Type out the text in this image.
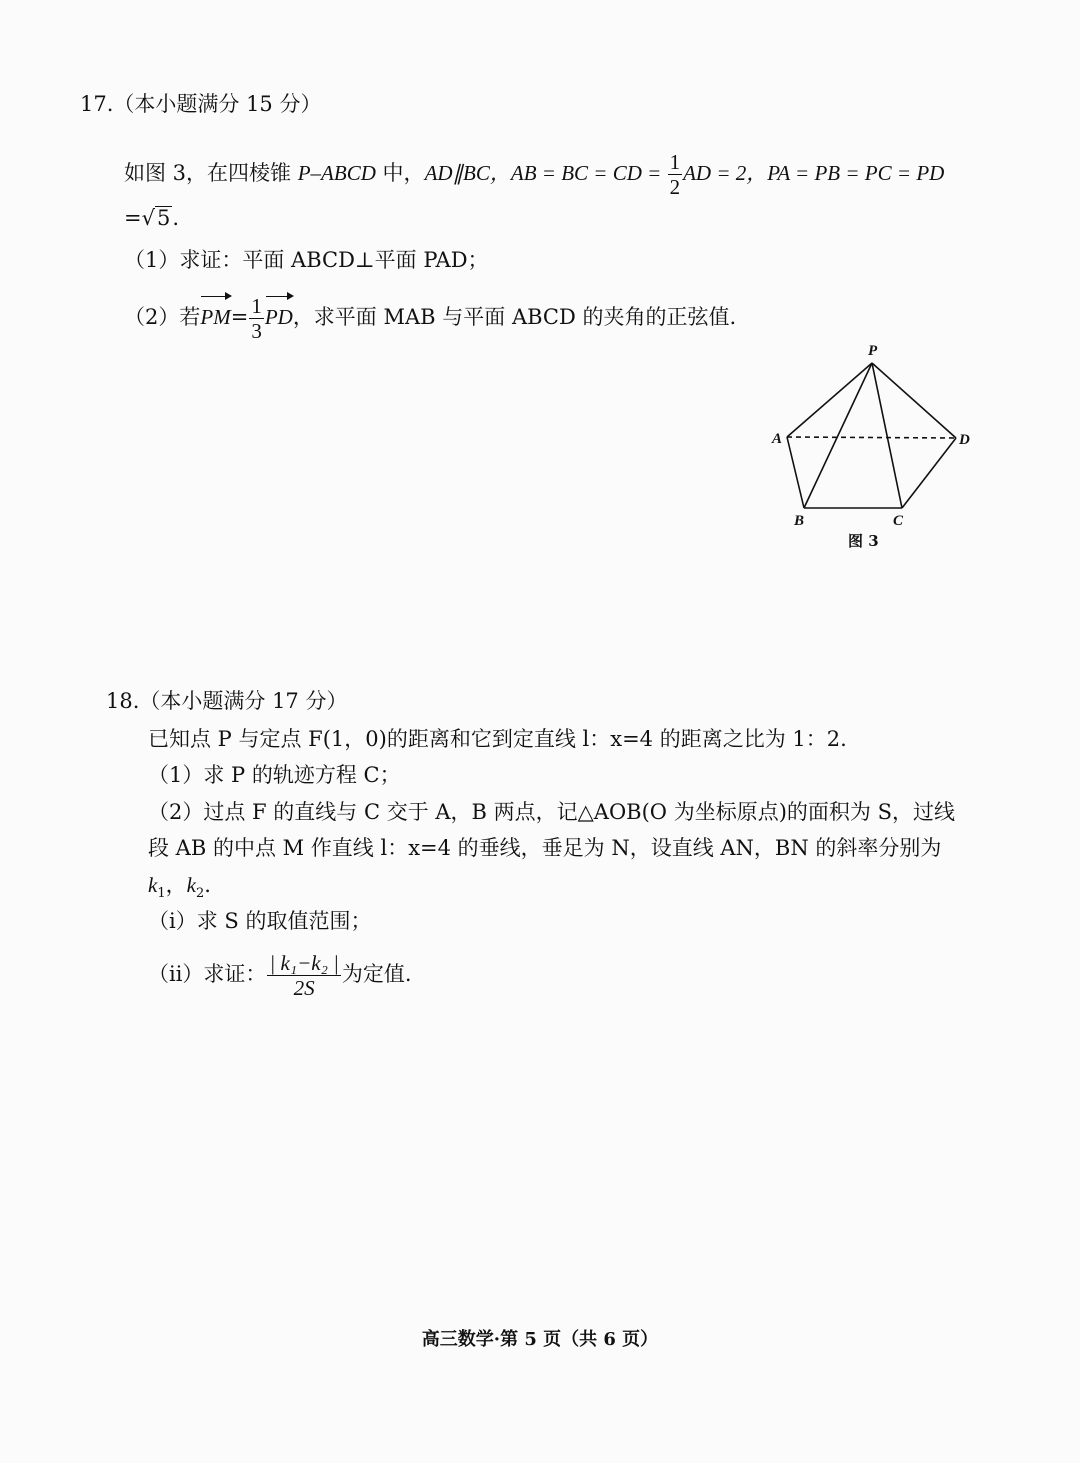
17.（本小题满分 15 分）
如图 3，在四棱锥 P–ABCD 中，AD∥BC，AB = BC = CD = $\frac{1}{2}$ AD = 2，PA = PB = PC = PD
=√5.
（1）求证：平面 ABCD⊥平面 PAD；
（2）若$PM= \frac{1}{3}$ PD，求平面 MAB 与平面 ABCD 的夹角的正弦值.
P
A
B	C
D
图 3
18.（本小题满分 17 分）
已知点 P 与定点 F(1，0)的距离和它到定直线 l：x=4 的距离之比为 1：2.
（1）求 P 的轨迹方程 C；
（2）过点 F 的直线与 C 交于 A，B 两点，记△AOB(O 为坐标原点)的面积为 S，过线
段 AB 的中点 M 作直线 l：x=4 的垂线，垂足为 N，设直线 AN，BN 的斜率分别为
$k_1$，$k_2$.
（ⅰ）求 S 的取值范围；
（ⅱ）求证： $\frac{\text{| k₁−k₂ |}}{2S}$ 为定值.
高三数学·第 5 页（共 6 页）
